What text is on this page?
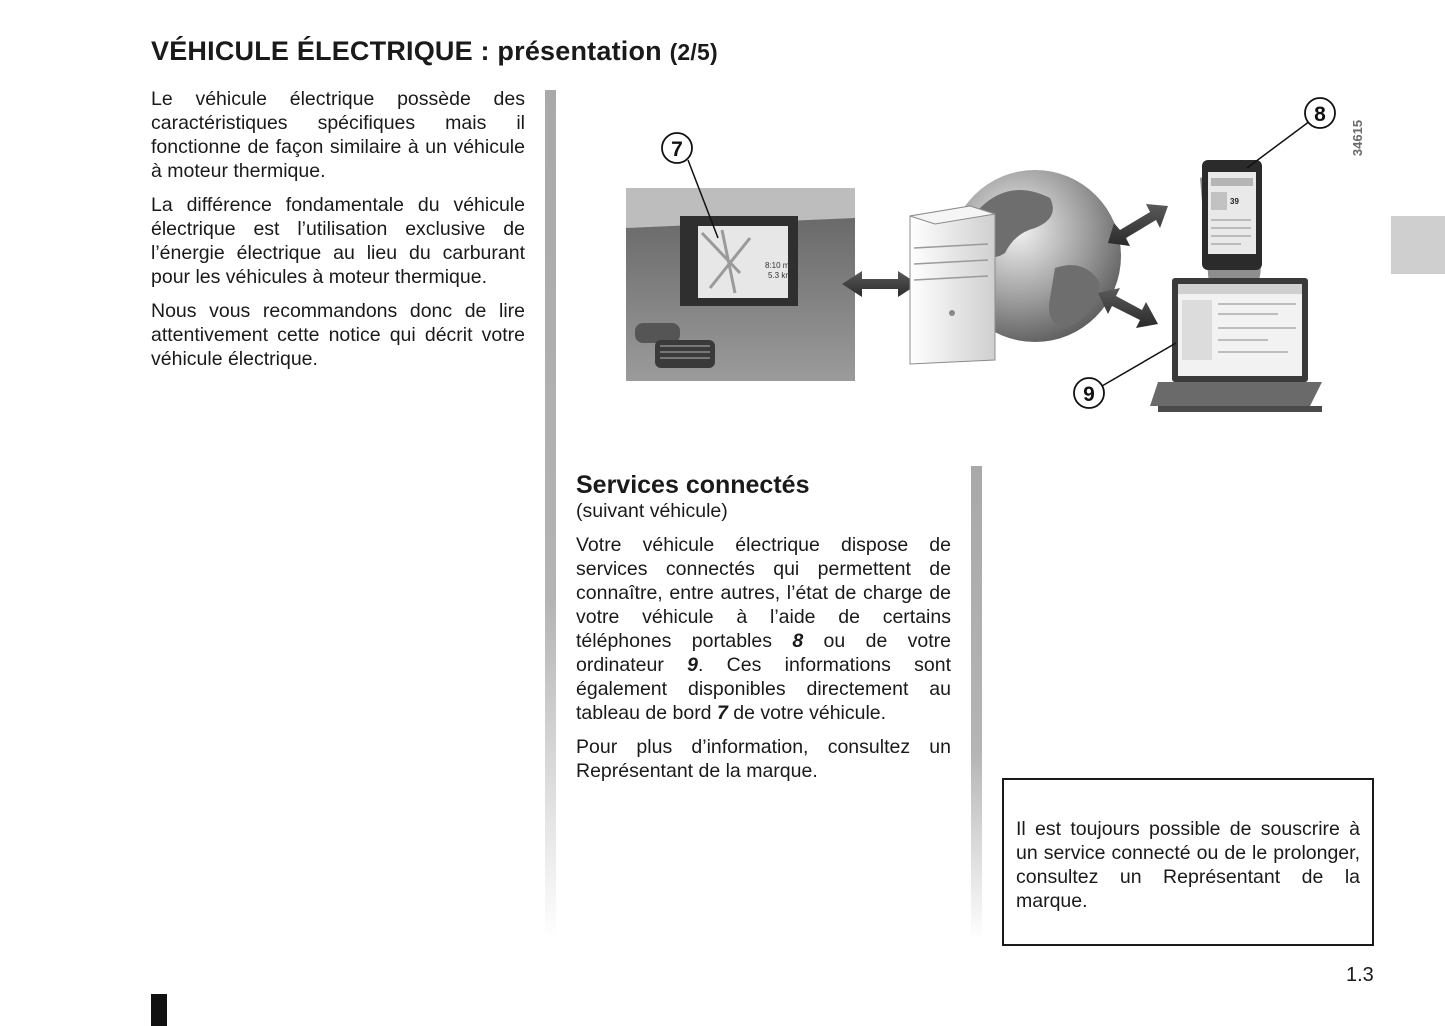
VÉHICULE ÉLECTRIQUE : présentation (2/5)

Le véhicule électrique possède des caractéristiques spécifiques mais il fonctionne de façon similaire à un véhicule à moteur thermique.

La différence fondamentale du véhicule électrique est l’utilisation exclusive de l’énergie électrique au lieu du carburant pour les véhicules à moteur thermique.

Nous vous recommandons donc de lire attentivement cette notice qui décrit votre véhicule électrique.

8:10 min
5.3 km
39
7
8
9
34615
Services connectés
(suivant véhicule)

Votre véhicule électrique dispose de services connectés qui permettent de connaître, entre autres, l’état de charge de votre véhicule à l’aide de certains téléphones portables 8 ou de votre ordinateur 9. Ces informations sont également disponibles directement au tableau de bord 7 de votre véhicule.

Pour plus d’information, consultez un Représentant de la marque.

Il est toujours possible de souscrire à un service connecté ou de le prolonger, consultez un Représentant de la marque.
1.3
